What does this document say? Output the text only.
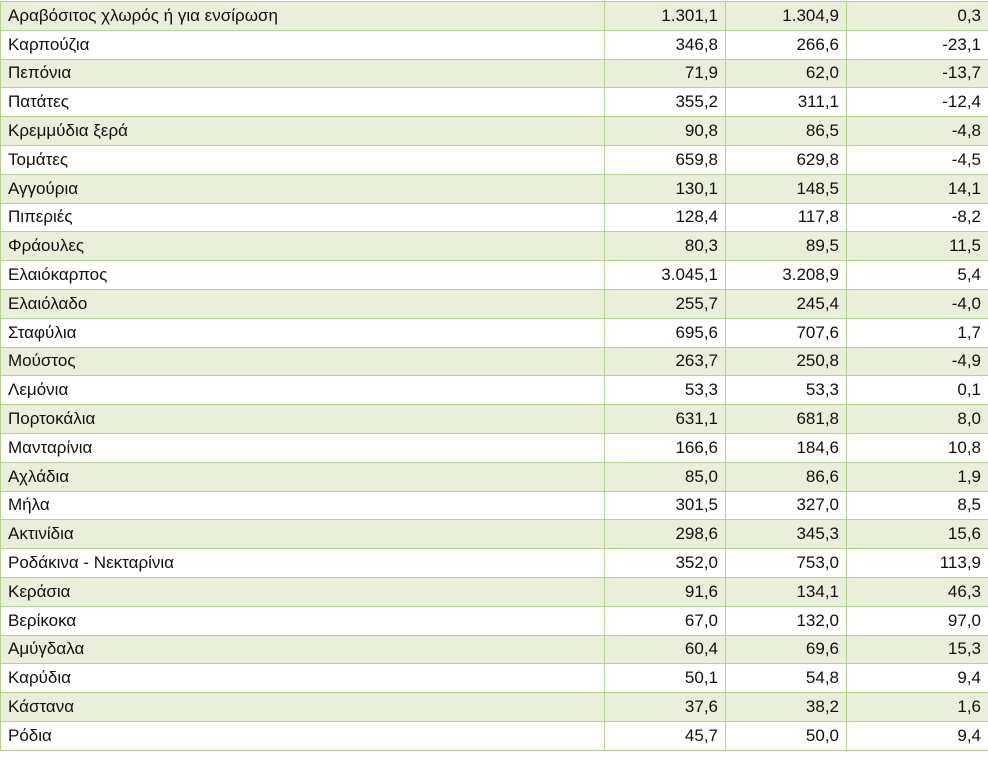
Αραβόσιτος χλωρός ή για ενσίρωση	1.301,1	1.304,9	0,3
Καρπούζια	346,8	266,6	-23,1
Πεπόνια	71,9	62,0	-13,7
Πατάτες	355,2	311,1	-12,4
Κρεμμύδια ξερά	90,8	86,5	-4,8
Τομάτες	659,8	629,8	-4,5
Αγγούρια	130,1	148,5	14,1
Πιπεριές	128,4	117,8	-8,2
Φράουλες	80,3	89,5	11,5
Ελαιόκαρπος	3.045,1	3.208,9	5,4
Ελαιόλαδο	255,7	245,4	-4,0
Σταφύλια	695,6	707,6	1,7
Μούστος	263,7	250,8	-4,9
Λεμόνια	53,3	53,3	0,1
Πορτοκάλια	631,1	681,8	8,0
Μανταρίνια	166,6	184,6	10,8
Αχλάδια	85,0	86,6	1,9
Μήλα	301,5	327,0	8,5
Ακτινίδια	298,6	345,3	15,6
Ροδάκινα - Νεκταρίνια	352,0	753,0	113,9
Κεράσια	91,6	134,1	46,3
Βερίκοκα	67,0	132,0	97,0
Αμύγδαλα	60,4	69,6	15,3
Καρύδια	50,1	54,8	9,4
Κάστανα	37,6	38,2	1,6
Ρόδια	45,7	50,0	9,4
